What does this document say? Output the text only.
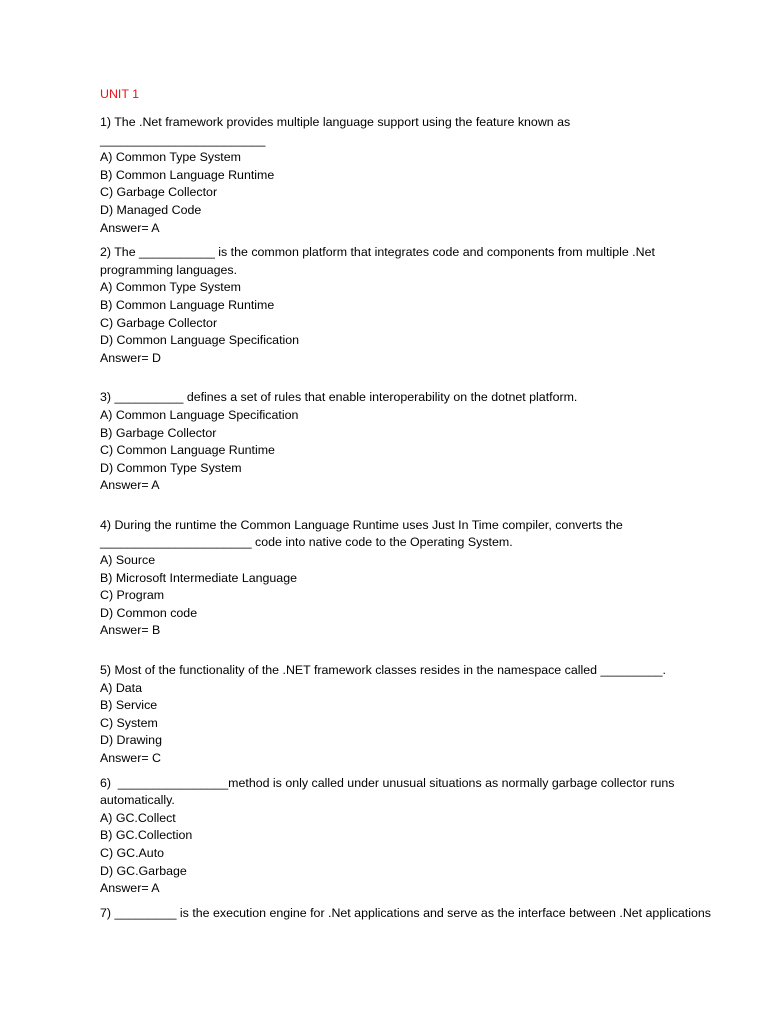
UNIT 1
1) The .Net framework provides multiple language support using the feature known as
________________________
A) Common Type System
B) Common Language Runtime
C) Garbage Collector
D) Managed Code
Answer= A
2) The ___________ is the common platform that integrates code and components from multiple .Net
programming languages.
A) Common Type System
B) Common Language Runtime
C) Garbage Collector
D) Common Language Specification
Answer= D
3) __________ defines a set of rules that enable interoperability on the dotnet platform.
A) Common Language Specification
B) Garbage Collector
C) Common Language Runtime
D) Common Type System
Answer= A
4) During the runtime the Common Language Runtime uses Just In Time compiler, converts the
______________________ code into native code to the Operating System.
A) Source
B) Microsoft Intermediate Language
C) Program
D) Common code
Answer= B
5) Most of the functionality of the .NET framework classes resides in the namespace called _________.
A) Data
B) Service
C) System
D) Drawing
Answer= C
6)  ________________method is only called under unusual situations as normally garbage collector runs
automatically.
A) GC.Collect
B) GC.Collection
C) GC.Auto
D) GC.Garbage
Answer= A
7) _________ is the execution engine for .Net applications and serve as the interface between .Net applications
